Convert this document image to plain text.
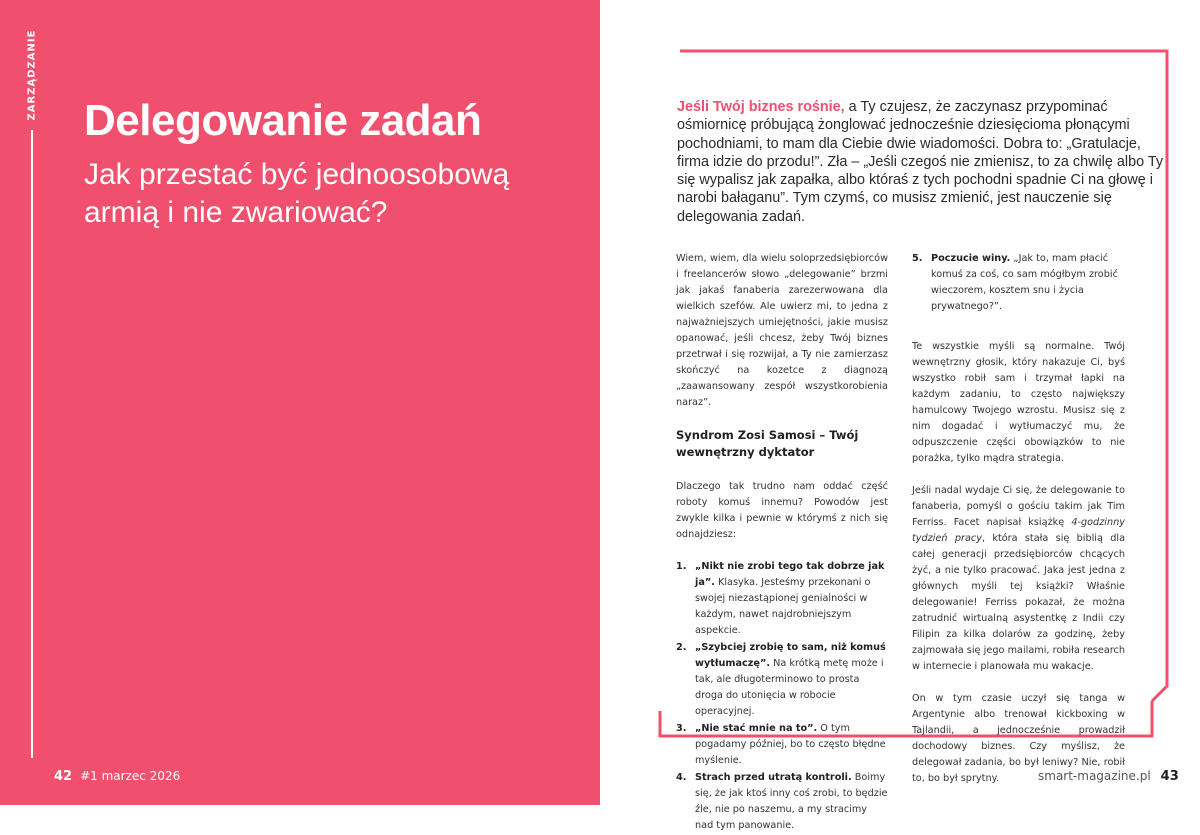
ZARZĄDZANIE
Delegowanie zadań
Jak przestać być jednoosobową armią i nie zwariować?
42 #1 marzec 2026

Jeśli Twój biznes rośnie, a Ty czujesz, że zaczynasz przypominać ośmiornicę próbującą żonglować jednocześnie dziesięcioma płonącymi pochodniami, to mam dla Ciebie dwie wiadomości. Dobra to: „Gratulacje, firma idzie do przodu!”. Zła – „Jeśli czegoś nie zmienisz, to za chwilę albo Ty się wypalisz jak zapałka, albo któraś z tych pochodni spadnie Ci na głowę i narobi bałaganu”. Tym czymś, co musisz zmienić, jest nauczenie się delegowania zadań.

Wiem, wiem, dla wielu soloprzedsiębiorców i freelancerów słowo „delegowanie” brzmi jak jakaś fanaberia zarezerwowana dla wielkich szefów. Ale uwierz mi, to jedna z najważniejszych umiejętności, jakie musisz opanować, jeśli chcesz, żeby Twój biznes przetrwał i się rozwijał, a Ty nie zamierzasz skończyć na kozetce z diagnozą „zaawansowany zespół wszystkorobienia naraz”.

Syndrom Zosi Samosi – Twój wewnętrzny dyktator

Dlaczego tak trudno nam oddać część roboty komuś innemu? Powodów jest zwykle kilka i pewnie w którymś z nich się odnajdziesz:

1. „Nikt nie zrobi tego tak dobrze jak ja”. Klasyka. Jesteśmy przekonani o swojej niezastąpionej genialności w każdym, nawet najdrobniejszym aspekcie.
2. „Szybciej zrobię to sam, niż komuś wytłumaczę”. Na krótką metę może i tak, ale długoterminowo to prosta droga do utonięcia w robocie operacyjnej.
3. „Nie stać mnie na to”. O tym pogadamy później, bo to często błędne myślenie.
4. Strach przed utratą kontroli. Boimy się, że jak ktoś inny coś zrobi, to będzie źle, nie po naszemu, a my stracimy nad tym panowanie.
5. Poczucie winy. „Jak to, mam płacić komuś za coś, co sam mógłbym zrobić wieczorem, kosztem snu i życia prywatnego?”.

Te wszystkie myśli są normalne. Twój wewnętrzny głosik, który nakazuje Ci, byś wszystko robił sam i trzymał łapki na każdym zadaniu, to często największy hamulcowy Twojego wzrostu. Musisz się z nim dogadać i wytłumaczyć mu, że odpuszczenie części obowiązków to nie porażka, tylko mądra strategia.

Jeśli nadal wydaje Ci się, że delegowanie to fanaberia, pomyśl o gościu takim jak Tim Ferriss. Facet napisał książkę 4-godzinny tydzień pracy, która stała się biblią dla całej generacji przedsiębiorców chcących żyć, a nie tylko pracować. Jaka jest jedna z głównych myśli tej książki? Właśnie delegowanie! Ferriss pokazał, że można zatrudnić wirtualną asystentkę z Indii czy Filipin za kilka dolarów za godzinę, żeby zajmowała się jego mailami, robiła research w internecie i planowała mu wakacje.

On w tym czasie uczył się tanga w Argentynie albo trenował kickboxing w Tajlandii, a jednocześnie prowadził dochodowy biznes. Czy myślisz, że delegował zadania, bo był leniwy? Nie, robił to, bo był sprytny.	smart-magazine.pl 43
